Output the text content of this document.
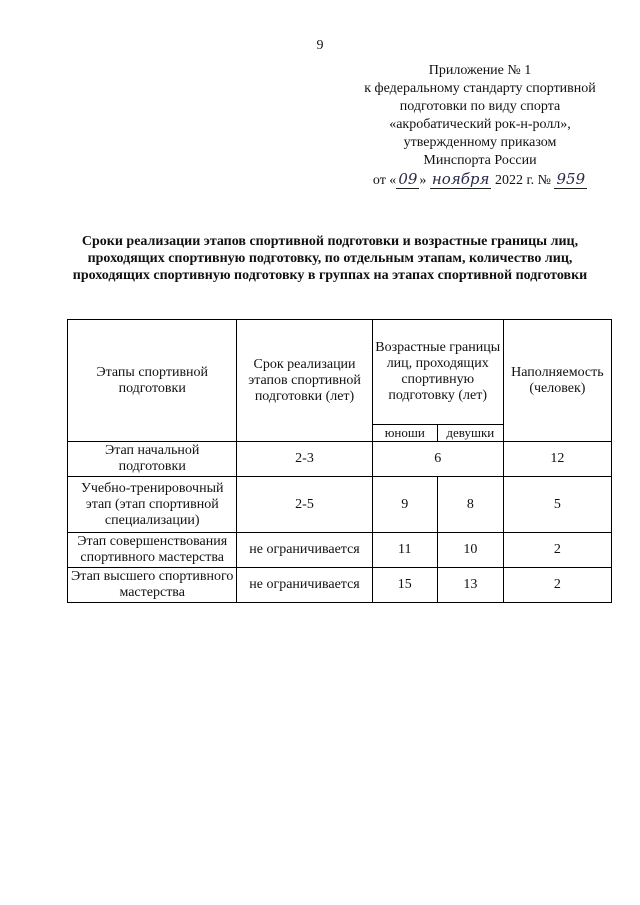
9
Приложение № 1
к федеральному стандарту спортивной
подготовки по виду спорта
«акробатический рок-н-ролл»,
утвержденному приказом
Минспорта России
от « 09 » ноября 2022 г. № 959
Сроки реализации этапов спортивной подготовки и возрастные границы лиц, проходящих спортивную подготовку, по отдельным этапам, количество лиц, проходящих спортивную подготовку в группах на этапах спортивной подготовки
Этапы спортивной подготовки	Срок реализации этапов спортивной подготовки (лет)	Возрастные границы лиц, проходящих спортивную подготовку (лет)		Наполняемость (человек)
		юноши	девушки	
Этап начальной подготовки	2-3	6		12
Учебно-тренировочный этап (этап спортивной специализации)	2-5	9	8	5
Этап совершенствования спортивного мастерства	не ограничивается	11	10	2
Этап высшего спортивного мастерства	не ограничивается	15	13	2
